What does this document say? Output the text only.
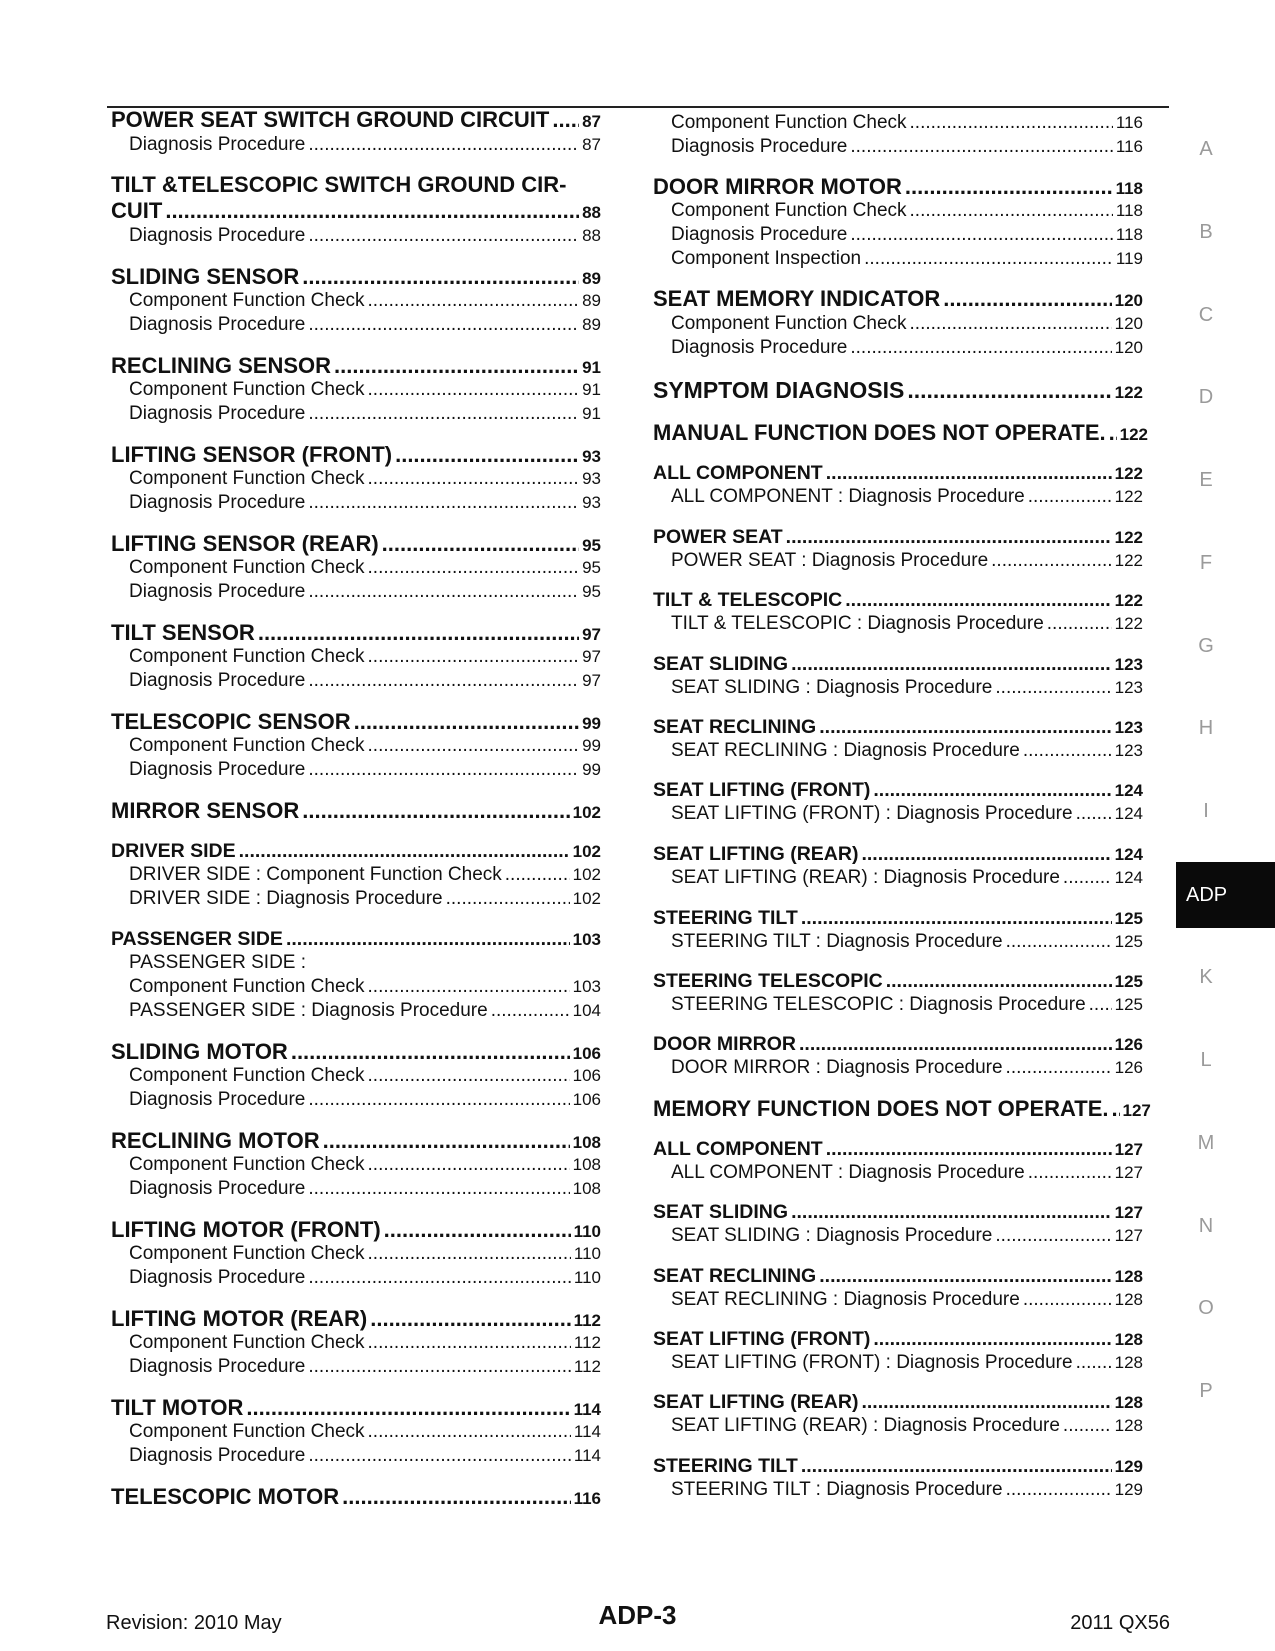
POWER SEAT SWITCH GROUND CIRCUIT ..... 87
Diagnosis Procedure .....	87
TILT &TELESCOPIC SWITCH GROUND CIR-
CUIT .....	88
Diagnosis Procedure .....	88
SLIDING SENSOR .....	89
Component Function Check .....	89
Diagnosis Procedure .....	89
RECLINING SENSOR .....	91
Component Function Check .....	91
Diagnosis Procedure .....	91
LIFTING SENSOR (FRONT) .....	93
Component Function Check .....	93
Diagnosis Procedure .....	93
LIFTING SENSOR (REAR) .....	95
Component Function Check .....	95
Diagnosis Procedure .....	95
TILT SENSOR .....	97
Component Function Check .....	97
Diagnosis Procedure .....	97
TELESCOPIC SENSOR .....	99
Component Function Check .....	99
Diagnosis Procedure .....	99
MIRROR SENSOR .....	102
DRIVER SIDE .....	102
DRIVER SIDE : Component Function Check .....	102
DRIVER SIDE : Diagnosis Procedure .....	102
PASSENGER SIDE .....	103
PASSENGER SIDE :
Component Function Check .....	103
PASSENGER SIDE : Diagnosis Procedure .....	104
SLIDING MOTOR .....	106
Component Function Check .....	106
Diagnosis Procedure .....	106
RECLINING MOTOR .....	108
Component Function Check .....	108
Diagnosis Procedure .....	108
LIFTING MOTOR (FRONT) .....	110
Component Function Check .....	110
Diagnosis Procedure .....	110
LIFTING MOTOR (REAR) .....	112
Component Function Check .....	112
Diagnosis Procedure .....	112
TILT MOTOR .....	114
Component Function Check .....	114
Diagnosis Procedure .....	114
TELESCOPIC MOTOR .....	116
Component Function Check .....	116
Diagnosis Procedure .....	116
DOOR MIRROR MOTOR .....	118
Component Function Check .....	118
Diagnosis Procedure .....	118
Component Inspection .....	119
SEAT MEMORY INDICATOR .....	120
Component Function Check .....	120
Diagnosis Procedure .....	120
SYMPTOM DIAGNOSIS .....	122
MANUAL FUNCTION DOES NOT OPERATE. ..... 122
ALL COMPONENT .....	122
ALL COMPONENT : Diagnosis Procedure .....	122
POWER SEAT .....	122
POWER SEAT : Diagnosis Procedure .....	122
TILT & TELESCOPIC .....	122
TILT & TELESCOPIC : Diagnosis Procedure .....	122
SEAT SLIDING .....	123
SEAT SLIDING : Diagnosis Procedure .....	123
SEAT RECLINING .....	123
SEAT RECLINING : Diagnosis Procedure .....	123
SEAT LIFTING (FRONT) .....	124
SEAT LIFTING (FRONT) : Diagnosis Procedure ..... 124
SEAT LIFTING (REAR) .....	124
SEAT LIFTING (REAR) : Diagnosis Procedure .....	124
STEERING TILT .....	125
STEERING TILT : Diagnosis Procedure .....	125
STEERING TELESCOPIC .....	125
STEERING TELESCOPIC : Diagnosis Procedure ..... 125
DOOR MIRROR .....	126
DOOR MIRROR : Diagnosis Procedure .....	126
MEMORY FUNCTION DOES NOT OPERATE. ..... 127
ALL COMPONENT .....	127
ALL COMPONENT : Diagnosis Procedure .....	127
SEAT SLIDING .....	127
SEAT SLIDING : Diagnosis Procedure .....	127
SEAT RECLINING .....	128
SEAT RECLINING : Diagnosis Procedure .....	128
SEAT LIFTING (FRONT) .....	128
SEAT LIFTING (FRONT) : Diagnosis Procedure ..... 128
SEAT LIFTING (REAR) .....	128
SEAT LIFTING (REAR) : Diagnosis Procedure .....	128
STEERING TILT .....	129
STEERING TILT : Diagnosis Procedure .....	129
A
B
C
D
E
F
G
H
I
ADP
K
L
M
N
O
P
Revision: 2010 May	ADP-3	2011 QX56
